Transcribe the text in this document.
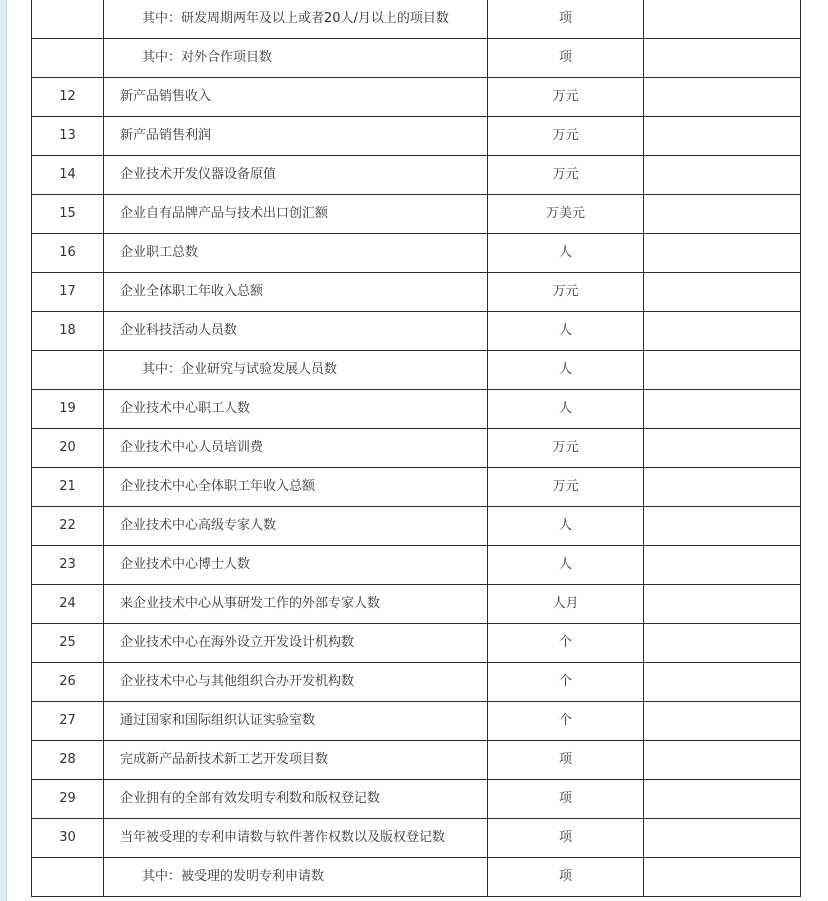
	其中：研发周期两年及以上或者20人/月以上的项目数	项	
	其中：对外合作项目数	项	
12	新产品销售收入	万元	
13	新产品销售利润	万元	
14	企业技术开发仪器设备原值	万元	
15	企业自有品牌产品与技术出口创汇额	万美元	
16	企业职工总数	人	
17	企业全体职工年收入总额	万元	
18	企业科技活动人员数	人	
	其中：企业研究与试验发展人员数	人	
19	企业技术中心职工人数	人	
20	企业技术中心人员培训费	万元	
21	企业技术中心全体职工年收入总额	万元	
22	企业技术中心高级专家人数	人	
23	企业技术中心博士人数	人	
24	来企业技术中心从事研发工作的外部专家人数	人月	
25	企业技术中心在海外设立开发设计机构数	个	
26	企业技术中心与其他组织合办开发机构数	个	
27	通过国家和国际组织认证实验室数	个	
28	完成新产品新技术新工艺开发项目数	项	
29	企业拥有的全部有效发明专利数和版权登记数	项	
30	当年被受理的专利申请数与软件著作权数以及版权登记数	项	
	其中：被受理的发明专利申请数	项	
